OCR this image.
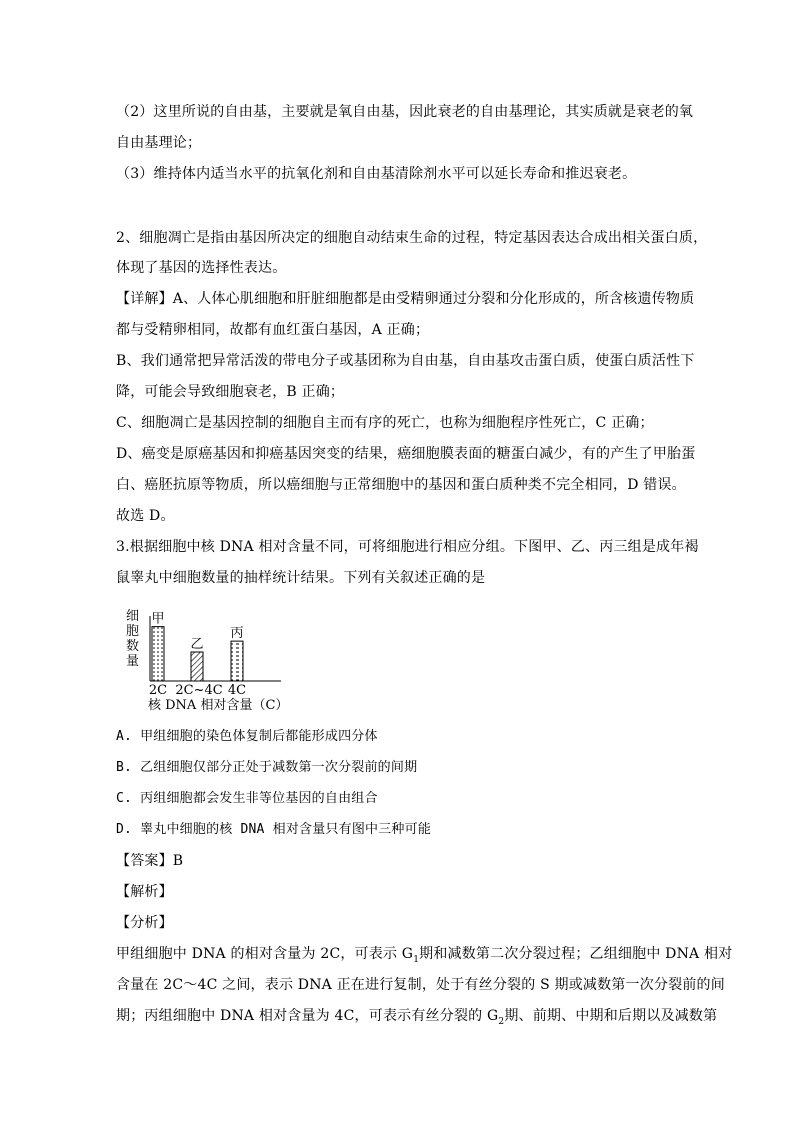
（2）这里所说的自由基，主要就是氧自由基，因此衰老的自由基理论，其实质就是衰老的氧
自由基理论；
（3）维持体内适当水平的抗氧化剂和自由基清除剂水平可以延长寿命和推迟衰老。
2、细胞凋亡是指由基因所决定的细胞自动结束生命的过程，特定基因表达合成出相关蛋白质，
体现了基因的选择性表达。
【详解】A、人体心肌细胞和肝脏细胞都是由受精卵通过分裂和分化形成的，所含核遗传物质
都与受精卵相同，故都有血红蛋白基因，A 正确；
B、我们通常把异常活泼的带电分子或基团称为自由基，自由基攻击蛋白质，使蛋白质活性下
降，可能会导致细胞衰老，B 正确；
C、细胞凋亡是基因控制的细胞自主而有序的死亡，也称为细胞程序性死亡，C 正确；
D、癌变是原癌基因和抑癌基因突变的结果，癌细胞膜表面的糖蛋白减少，有的产生了甲胎蛋
白、癌胚抗原等物质，所以癌细胞与正常细胞中的基因和蛋白质种类不完全相同，D 错误。
故选 D。
3.根据细胞中核 DNA 相对含量不同，可将细胞进行相应分组。下图甲、乙、丙三组是成年褐
鼠睾丸中细胞数量的抽样统计结果。下列有关叙述正确的是
细胞数量
甲
2C
乙
2C~4C
丙
4C
核 DNA 相对含量（C）
A. 甲组细胞的染色体复制后都能形成四分体
B. 乙组细胞仅部分正处于减数第一次分裂前的间期
C. 丙组细胞都会发生非等位基因的自由组合
D. 睾丸中细胞的核 DNA 相对含量只有图中三种可能
【答案】B
【解析】
【分析】
甲组细胞中 DNA 的相对含量为 2C，可表示 $G_1$期和减数第二次分裂过程；乙组细胞中 DNA 相对
含量在 2C～4C 之间，表示 DNA 正在进行复制，处于有丝分裂的 S 期或减数第一次分裂前的间
期；丙组细胞中 DNA 相对含量为 4C，可表示有丝分裂的 $G_2$期、前期、中期和后期以及减数第
